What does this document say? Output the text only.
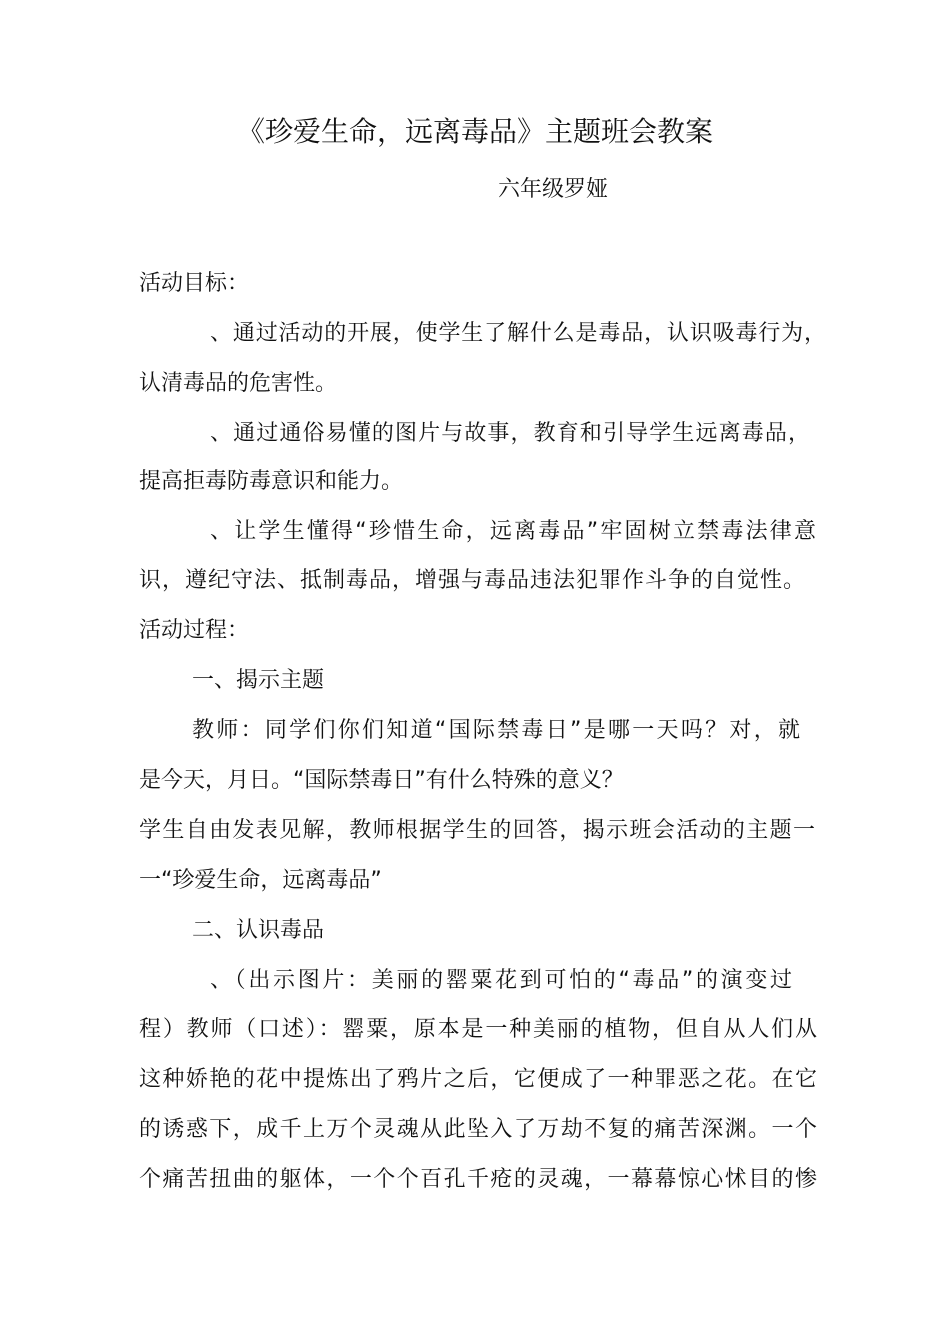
《珍爱生命，远离毒品》主题班会教案
六年级罗娅
活动目标：
、通过活动的开展，使学生了解什么是毒品，认识吸毒行为，
认清毒品的危害性。
、通过通俗易懂的图片与故事，教育和引导学生远离毒品，
提高拒毒防毒意识和能力。
、让学生懂得“珍惜生命，远离毒品”牢固树立禁毒法律意
识，遵纪守法、抵制毒品，增强与毒品违法犯罪作斗争的自觉性。
活动过程：
一、揭示主题
教师：同学们你们知道“国际禁毒日”是哪一天吗？对，就
是今天，月日。“国际禁毒日”有什么特殊的意义？
学生自由发表见解，教师根据学生的回答，揭示班会活动的主题一
一“珍爱生命，远离毒品”
二、认识毒品
、（出示图片：美丽的罂粟花到可怕的“毒品”的演变过
程）教师（口述）：罂粟，原本是一种美丽的植物，但自从人们从
这种娇艳的花中提炼出了鸦片之后，它便成了一种罪恶之花。在它
的诱惑下，成千上万个灵魂从此坠入了万劫不复的痛苦深渊。一个
个痛苦扭曲的躯体，一个个百孔千疮的灵魂，一幕幕惊心怵目的惨
